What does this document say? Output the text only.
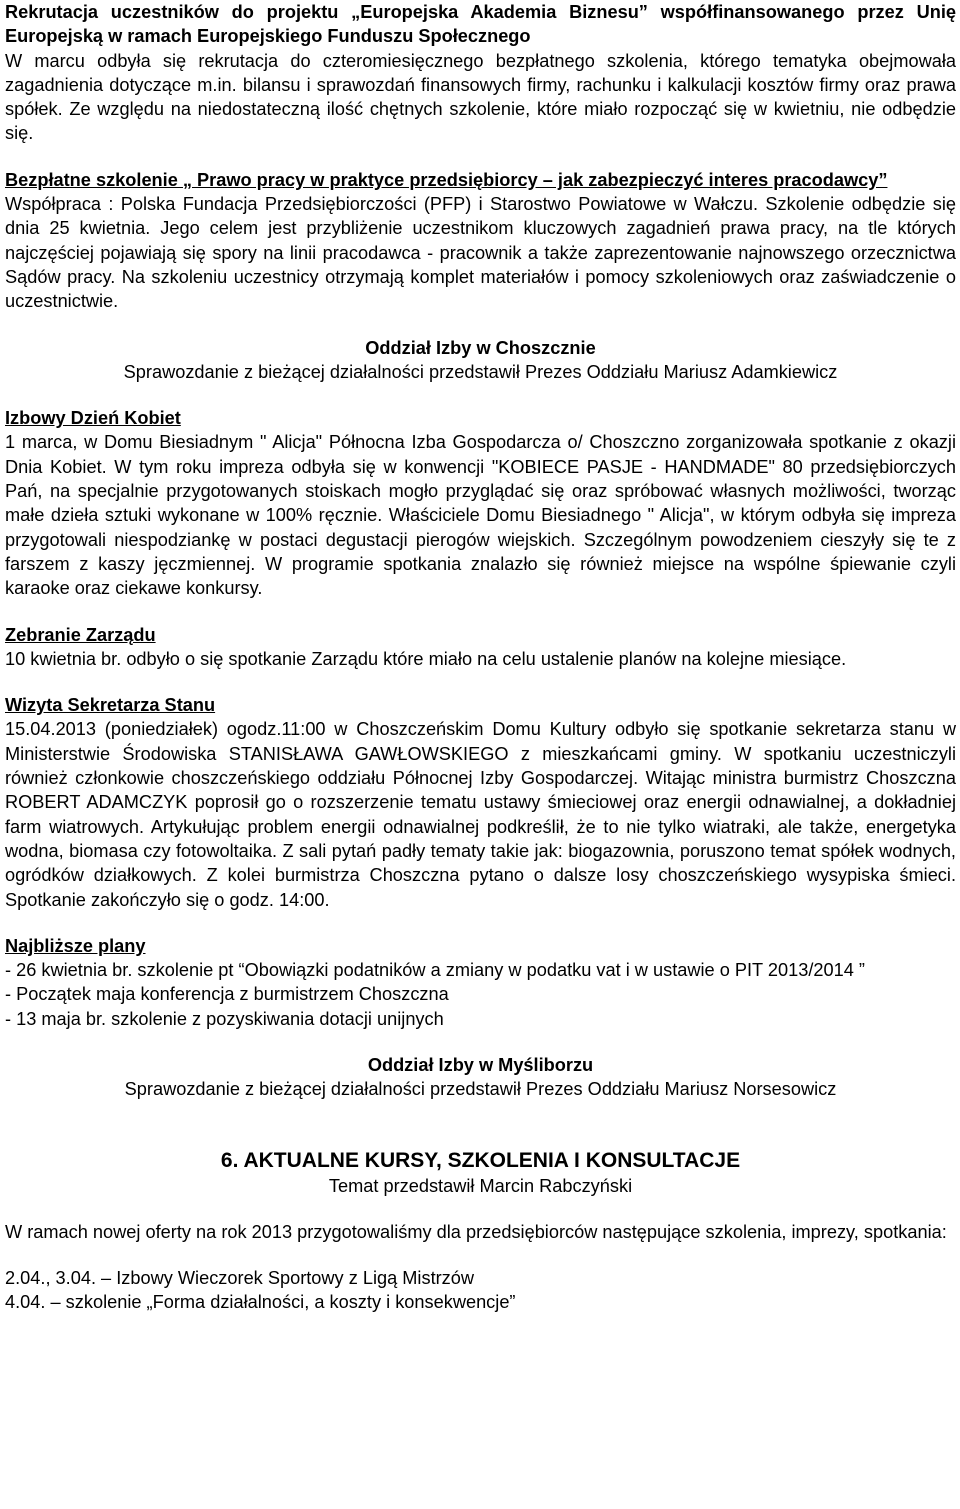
Rekrutacja uczestników do projektu „Europejska Akademia Biznesu” współfinansowanego przez Unię Europejską w ramach Europejskiego Funduszu Społecznego

W marcu odbyła się rekrutacja do czteromiesięcznego bezpłatnego szkolenia, którego tematyka obejmowała zagadnienia dotyczące m.in. bilansu i sprawozdań finansowych firmy, rachunku i kalkulacji kosztów firmy oraz prawa spółek. Ze względu na niedostateczną ilość chętnych szkolenie, które miało rozpocząć się w kwietniu, nie odbędzie się.

Bezpłatne szkolenie „ Prawo pracy w praktyce przedsiębiorcy – jak zabezpieczyć interes pracodawcy”

Współpraca : Polska Fundacja Przedsiębiorczości (PFP) i Starostwo Powiatowe w Wałczu. Szkolenie odbędzie się dnia 25 kwietnia. Jego celem jest przybliżenie uczestnikom kluczowych zagadnień prawa pracy, na tle których najczęściej pojawiają się spory na linii pracodawca - pracownik a także zaprezentowanie najnowszego orzecznictwa Sądów pracy. Na szkoleniu uczestnicy otrzymają komplet materiałów i pomocy szkoleniowych oraz zaświadczenie o uczestnictwie.

Oddział Izby w Choszcznie

Sprawozdanie z bieżącej działalności przedstawił Prezes Oddziału Mariusz Adamkiewicz

Izbowy Dzień Kobiet

1 marca, w Domu Biesiadnym " Alicja" Północna Izba Gospodarcza o/ Choszczno zorganizowała spotkanie z okazji Dnia Kobiet. W tym roku impreza odbyła się w konwencji "KOBIECE PASJE - HANDMADE" 80 przedsiębiorczych Pań, na specjalnie przygotowanych stoiskach mogło przyglądać się oraz spróbować własnych możliwości, tworząc małe dzieła sztuki wykonane w 100% ręcznie. Właściciele Domu Biesiadnego " Alicja", w którym odbyła się impreza przygotowali niespodziankę w postaci degustacji pierogów wiejskich. Szczególnym powodzeniem cieszyły się te z farszem z kaszy jęczmiennej. W programie spotkania znalazło się również miejsce na wspólne śpiewanie czyli karaoke oraz ciekawe konkursy.

Zebranie Zarządu

10 kwietnia br. odbyło o się spotkanie Zarządu które miało na celu ustalenie planów na kolejne miesiące.

Wizyta Sekretarza Stanu

15.04.2013 (poniedziałek) ogodz.11:00 w Choszczeńskim Domu Kultury odbyło się spotkanie sekretarza stanu w Ministerstwie Środowiska STANISŁAWA GAWŁOWSKIEGO z mieszkańcami gminy. W spotkaniu uczestniczyli również członkowie choszczeńskiego oddziału Północnej Izby Gospodarczej. Witając ministra burmistrz Choszczna ROBERT ADAMCZYK poprosił go o rozszerzenie tematu ustawy śmieciowej oraz energii odnawialnej, a dokładniej farm wiatrowych. Artykułując problem energii odnawialnej podkreślił, że to nie tylko wiatraki, ale także, energetyka wodna, biomasa czy fotowoltaika. Z sali pytań padły tematy takie jak: biogazownia, poruszono temat spółek wodnych, ogródków działkowych. Z kolei burmistrza Choszczna pytano o dalsze losy choszczeńskiego wysypiska śmieci. Spotkanie zakończyło się o godz. 14:00.

Najbliższe plany

- 26 kwietnia br. szkolenie pt “Obowiązki podatników a zmiany w podatku vat i w ustawie o PIT 2013/2014 ”

- Początek maja konferencja z burmistrzem Choszczna

- 13 maja br. szkolenie z pozyskiwania dotacji unijnych

Oddział Izby w Myśliborzu

Sprawozdanie z bieżącej działalności przedstawił Prezes Oddziału Mariusz Norsesowicz

6. AKTUALNE KURSY, SZKOLENIA I KONSULTACJE

Temat przedstawił Marcin Rabczyński

W ramach nowej oferty na rok 2013 przygotowaliśmy dla przedsiębiorców następujące szkolenia, imprezy, spotkania:

2.04., 3.04. – Izbowy Wieczorek Sportowy z Ligą Mistrzów

4.04. – szkolenie „Forma działalności, a koszty i konsekwencje”
